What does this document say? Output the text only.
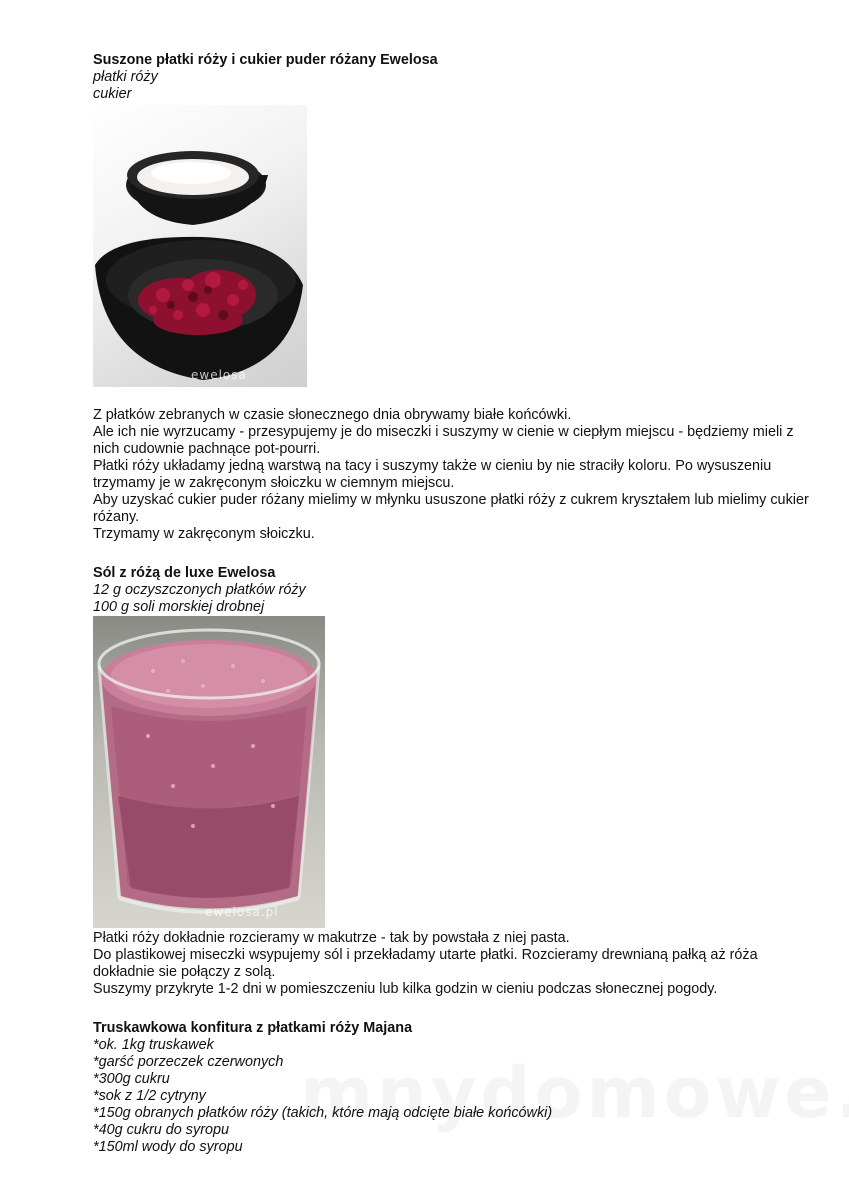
Suszone płatki róży i cukier puder różany Ewelosa
płatki róży
cukier
ewelosa

Z płatków zebranych w czasie słonecznego dnia obrywamy białe końcówki.

Ale ich nie wyrzucamy - przesypujemy je do miseczki i suszymy w cienie w ciepłym miejscu - będziemy mieli z nich cudownie pachnące pot-pourri.

Płatki róży układamy jedną warstwą na tacy i suszymy także w cieniu by nie straciły koloru. Po wysuszeniu trzymamy je w zakręconym słoiczku w ciemnym miejscu.

Aby uzyskać cukier puder różany mielimy w młynku ususzone płatki róży z cukrem kryształem lub mielimy cukier różany.

Trzymamy w zakręconym słoiczku.

Sól z różą de luxe Ewelosa
12 g oczyszczonych płatków róży
100 g soli morskiej drobnej
ewelosa.pl

Płatki róży dokładnie rozcieramy w makutrze - tak by powstała z niej pasta.

Do plastikowej miseczki wsypujemy sól i przekładamy utarte płatki. Rozcieramy drewnianą pałką aż róża dokładnie sie połączy z solą.

Suszymy przykryte 1-2 dni w pomieszczeniu lub kilka godzin w cieniu podczas słonecznej pogody.

Truskawkowa konfitura z płatkami róży Majana
*ok. 1kg truskawek
*garść porzeczek czerwonych
*300g cukru
*sok z 1/2 cytryny
*150g obranych płatków róży (takich, które mają odcięte białe końcówki)
*40g cukru do syropu
*150ml wody do syropu
